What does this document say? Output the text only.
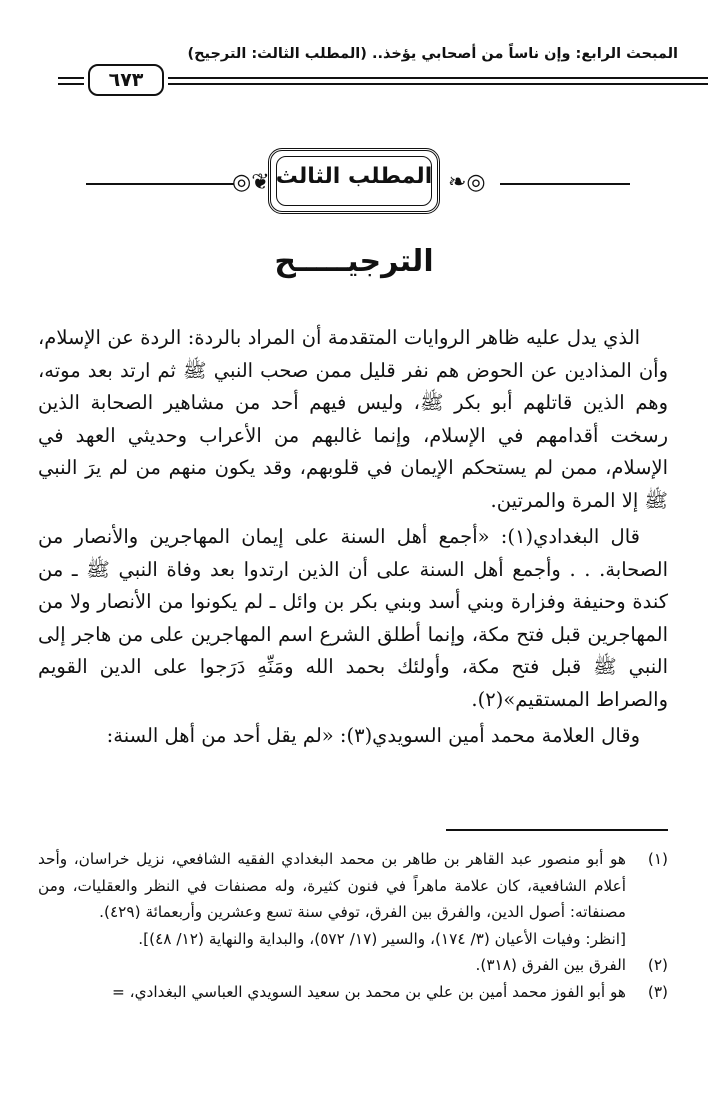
المبحث الرابع: وإن ناساً من أصحابي يؤخذ.. (المطلب الثالث: الترجيح)
٦٧٣
❦◎ المطلب الثالث ◎❧
الترجيـــــح

الذي يدل عليه ظاهر الروايات المتقدمة أن المراد بالردة: الردة عن الإسلام، وأن المذادين عن الحوض هم نفر قليل ممن صحب النبي ﷺ ثم ارتد بعد موته، وهم الذين قاتلهم أبو بكر ﷺ، وليس فيهم أحد من مشاهير الصحابة الذين رسخت أقدامهم في الإسلام، وإنما غالبهم من الأعراب وحديثي العهد في الإسلام، ممن لم يستحكم الإيمان في قلوبهم، وقد يكون منهم من لم يرَ النبي ﷺ إلا المرة والمرتين.

قال البغدادي(١): «أجمع أهل السنة على إيمان المهاجرين والأنصار من الصحابة. . . وأجمع أهل السنة على أن الذين ارتدوا بعد وفاة النبي ﷺ ـ من كندة وحنيفة وفزارة وبني أسد وبني بكر بن وائل ـ لم يكونوا من الأنصار ولا من المهاجرين قبل فتح مكة، وإنما أطلق الشرع اسم المهاجرين على من هاجر إلى النبي ﷺ قبل فتح مكة، وأولئك بحمد الله ومَنِّهِ دَرَجوا على الدين القويم والصراط المستقيم»(٢).

وقال العلامة محمد أمين السويدي(٣): «لم يقل أحد من أهل السنة:

(١)
هو أبو منصور عبد القاهر بن طاهر بن محمد البغدادي الفقيه الشافعي، نزيل خراسان، وأحد أعلام الشافعية، كان علامة ماهراً في فنون كثيرة، وله مصنفات في النظر والعقليات، ومن مصنفاته: أصول الدين، والفرق بين الفرق، توفي سنة تسع وعشرين وأربعمائة (٤٢٩).
[انظر: وفيات الأعيان (٣/ ١٧٤)، والسير (١٧/ ٥٧٢)، والبداية والنهاية (١٢/ ٤٨)].
(٢)
الفرق بين الفرق (٣١٨).
(٣)
هو أبو الفوز محمد أمين بن علي بن محمد بن سعيد السويدي العباسي البغدادي، =
